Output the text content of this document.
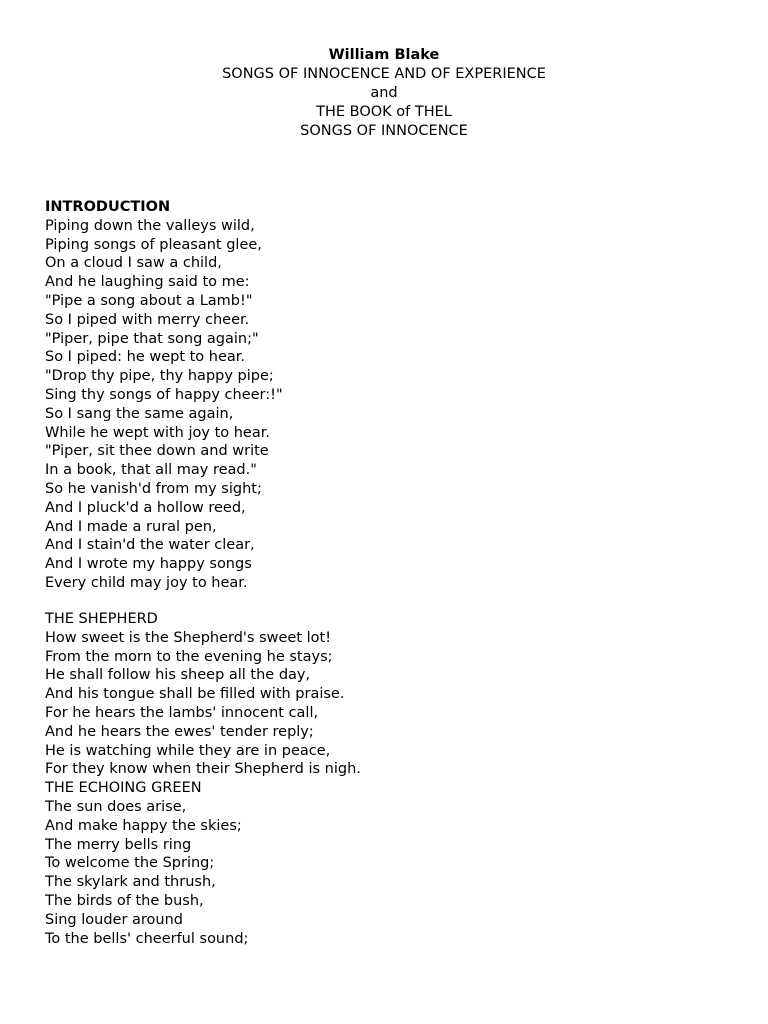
William Blake
SONGS OF INNOCENCE AND OF EXPERIENCE
and
THE BOOK of THEL
SONGS OF INNOCENCE
INTRODUCTION
Piping down the valleys wild,
Piping songs of pleasant glee,
On a cloud I saw a child,
And he laughing said to me:
"Pipe a song about a Lamb!"
So I piped with merry cheer.
"Piper, pipe that song again;"
So I piped: he wept to hear.
"Drop thy pipe, thy happy pipe;
Sing thy songs of happy cheer:!"
So I sang the same again,
While he wept with joy to hear.
"Piper, sit thee down and write
In a book, that all may read."
So he vanish'd from my sight;
And I pluck'd a hollow reed,
And I made a rural pen,
And I stain'd the water clear,
And I wrote my happy songs
Every child may joy to hear.
THE SHEPHERD
How sweet is the Shepherd's sweet lot!
From the morn to the evening he stays;
He shall follow his sheep all the day,
And his tongue shall be filled with praise.
For he hears the lambs' innocent call,
And he hears the ewes' tender reply;
He is watching while they are in peace,
For they know when their Shepherd is nigh.
THE ECHOING GREEN
The sun does arise,
And make happy the skies;
The merry bells ring
To welcome the Spring;
The skylark and thrush,
The birds of the bush,
Sing louder around
To the bells' cheerful sound;
